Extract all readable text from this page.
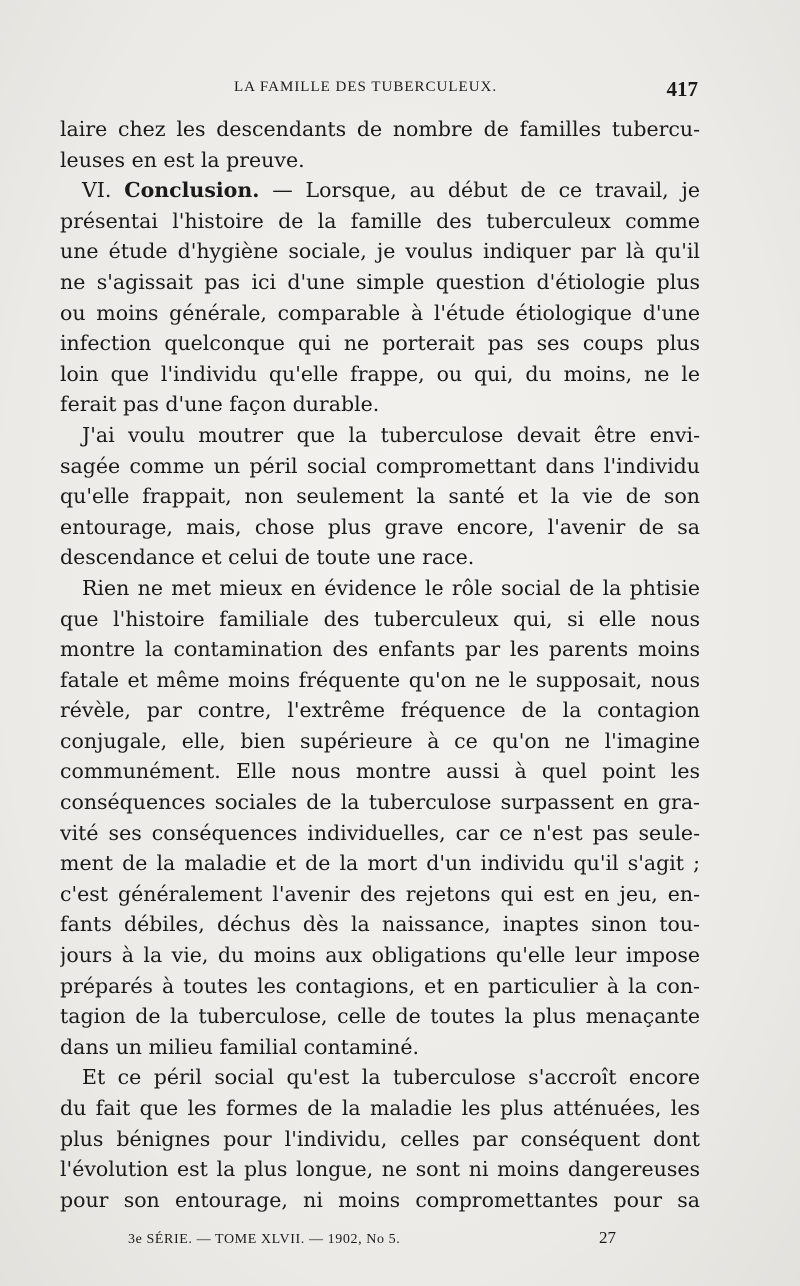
LA FAMILLE DES TUBERCULEUX.	417
laire chez les descendants de nombre de familles tubercu-
leuses en est la preuve.
VI. Conclusion. — Lorsque, au début de ce travail, je
présentai l'histoire de la famille des tuberculeux comme
une étude d'hygiène sociale, je voulus indiquer par là qu'il
ne s'agissait pas ici d'une simple question d'étiologie plus
ou moins générale, comparable à l'étude étiologique d'une
infection quelconque qui ne porterait pas ses coups plus
loin que l'individu qu'elle frappe, ou qui, du moins, ne le
ferait pas d'une façon durable.
J'ai voulu moutrer que la tuberculose devait être envi-
sagée comme un péril social compromettant dans l'individu
qu'elle frappait, non seulement la santé et la vie de son
entourage, mais, chose plus grave encore, l'avenir de sa
descendance et celui de toute une race.
Rien ne met mieux en évidence le rôle social de la phtisie
que l'histoire familiale des tuberculeux qui, si elle nous
montre la contamination des enfants par les parents moins
fatale et même moins fréquente qu'on ne le supposait, nous
révèle, par contre, l'extrême fréquence de la contagion
conjugale, elle, bien supérieure à ce qu'on ne l'imagine
communément. Elle nous montre aussi à quel point les
conséquences sociales de la tuberculose surpassent en gra-
vité ses conséquences individuelles, car ce n'est pas seule-
ment de la maladie et de la mort d'un individu qu'il s'agit ;
c'est généralement l'avenir des rejetons qui est en jeu, en-
fants débiles, déchus dès la naissance, inaptes sinon tou-
jours à la vie, du moins aux obligations qu'elle leur impose
préparés à toutes les contagions, et en particulier à la con-
tagion de la tuberculose, celle de toutes la plus menaçante
dans un milieu familial contaminé.
Et ce péril social qu'est la tuberculose s'accroît encore
du fait que les formes de la maladie les plus atténuées, les
plus bénignes pour l'individu, celles par conséquent dont
l'évolution est la plus longue, ne sont ni moins dangereuses
pour son entourage, ni moins compromettantes pour sa
3e SÉRIE. — TOME XLVII. — 1902, No 5.	27
